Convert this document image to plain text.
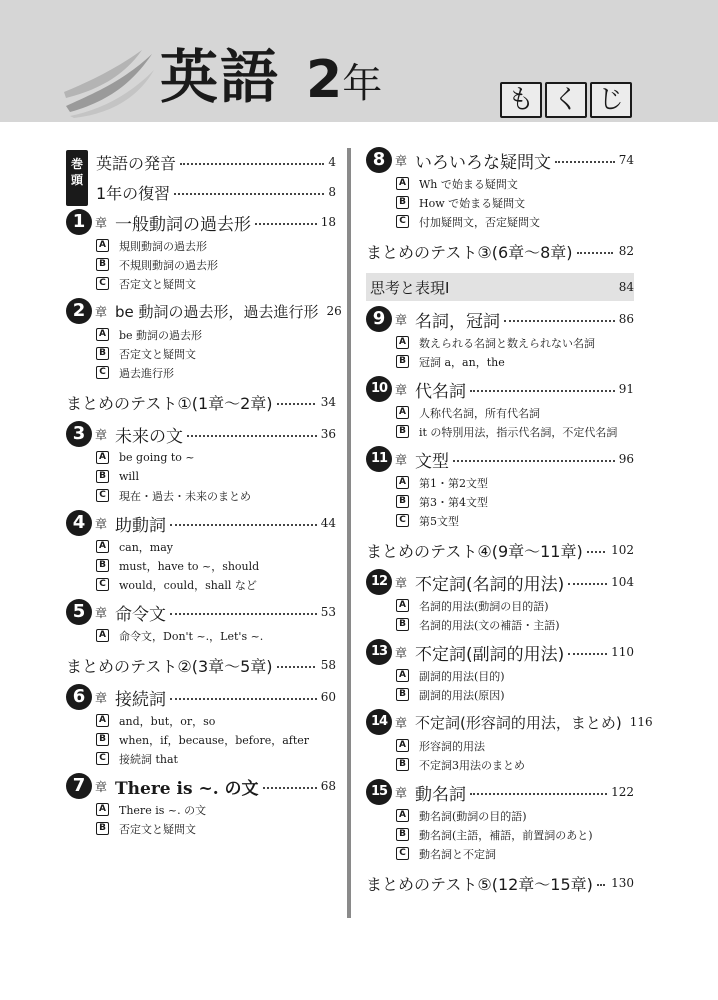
英語 2年	も く じ
巻頭
英語の発音	4
1年の復習	8
1 章 一般動詞の過去形	18
A 規則動詞の過去形
B 不規則動詞の過去形
C 否定文と疑問文
2 章 be 動詞の過去形，過去進行形 26
A be 動詞の過去形
B 否定文と疑問文
C 過去進行形
まとめのテスト①(1章～2章)	34
3 章 未来の文	36
A be going to ~
B will
C 現在・過去・未来のまとめ
4 章 助動詞	44
A can，may
B must，have to ~，should
C would，could，shall など
5 章 命令文	53
A 命令文，Don't ~.，Let's ~.
まとめのテスト②(3章～5章)	58
6 章 接続詞	60
A and，but，or，so
B when，if，because，before，after
C 接続詞 that
7 章 There is ~. の文	68
A There is ~. の文
B 否定文と疑問文
8 章 いろいろな疑問文	74
A Wh で始まる疑問文
B How で始まる疑問文
C 付加疑問文，否定疑問文
まとめのテスト③(6章～8章)	82
思考と表現Ⅰ	84
9 章 名詞，冠詞	86
A 数えられる名詞と数えられない名詞
B 冠詞 a，an，the
10 章 代名詞	91
A 人称代名詞，所有代名詞
B it の特別用法，指示代名詞，不定代名詞
11 章 文型	96
A 第1・第2文型
B 第3・第4文型
C 第5文型
まとめのテスト④(9章～11章) 102
12 章 不定詞(名詞的用法)	104
A 名詞的用法(動詞の目的語)
B 名詞的用法(文の補語・主語)
13 章 不定詞(副詞的用法)	110
A 副詞的用法(目的)
B 副詞的用法(原因)
14 章 不定詞(形容詞的用法，まとめ) 116
A 形容詞的用法
B 不定詞3用法のまとめ
15 章 動名詞	122
A 動名詞(動詞の目的語)
B 動名詞(主語，補語，前置詞のあと)
C 動名詞と不定詞
まとめのテスト⑤(12章～15章) 130
